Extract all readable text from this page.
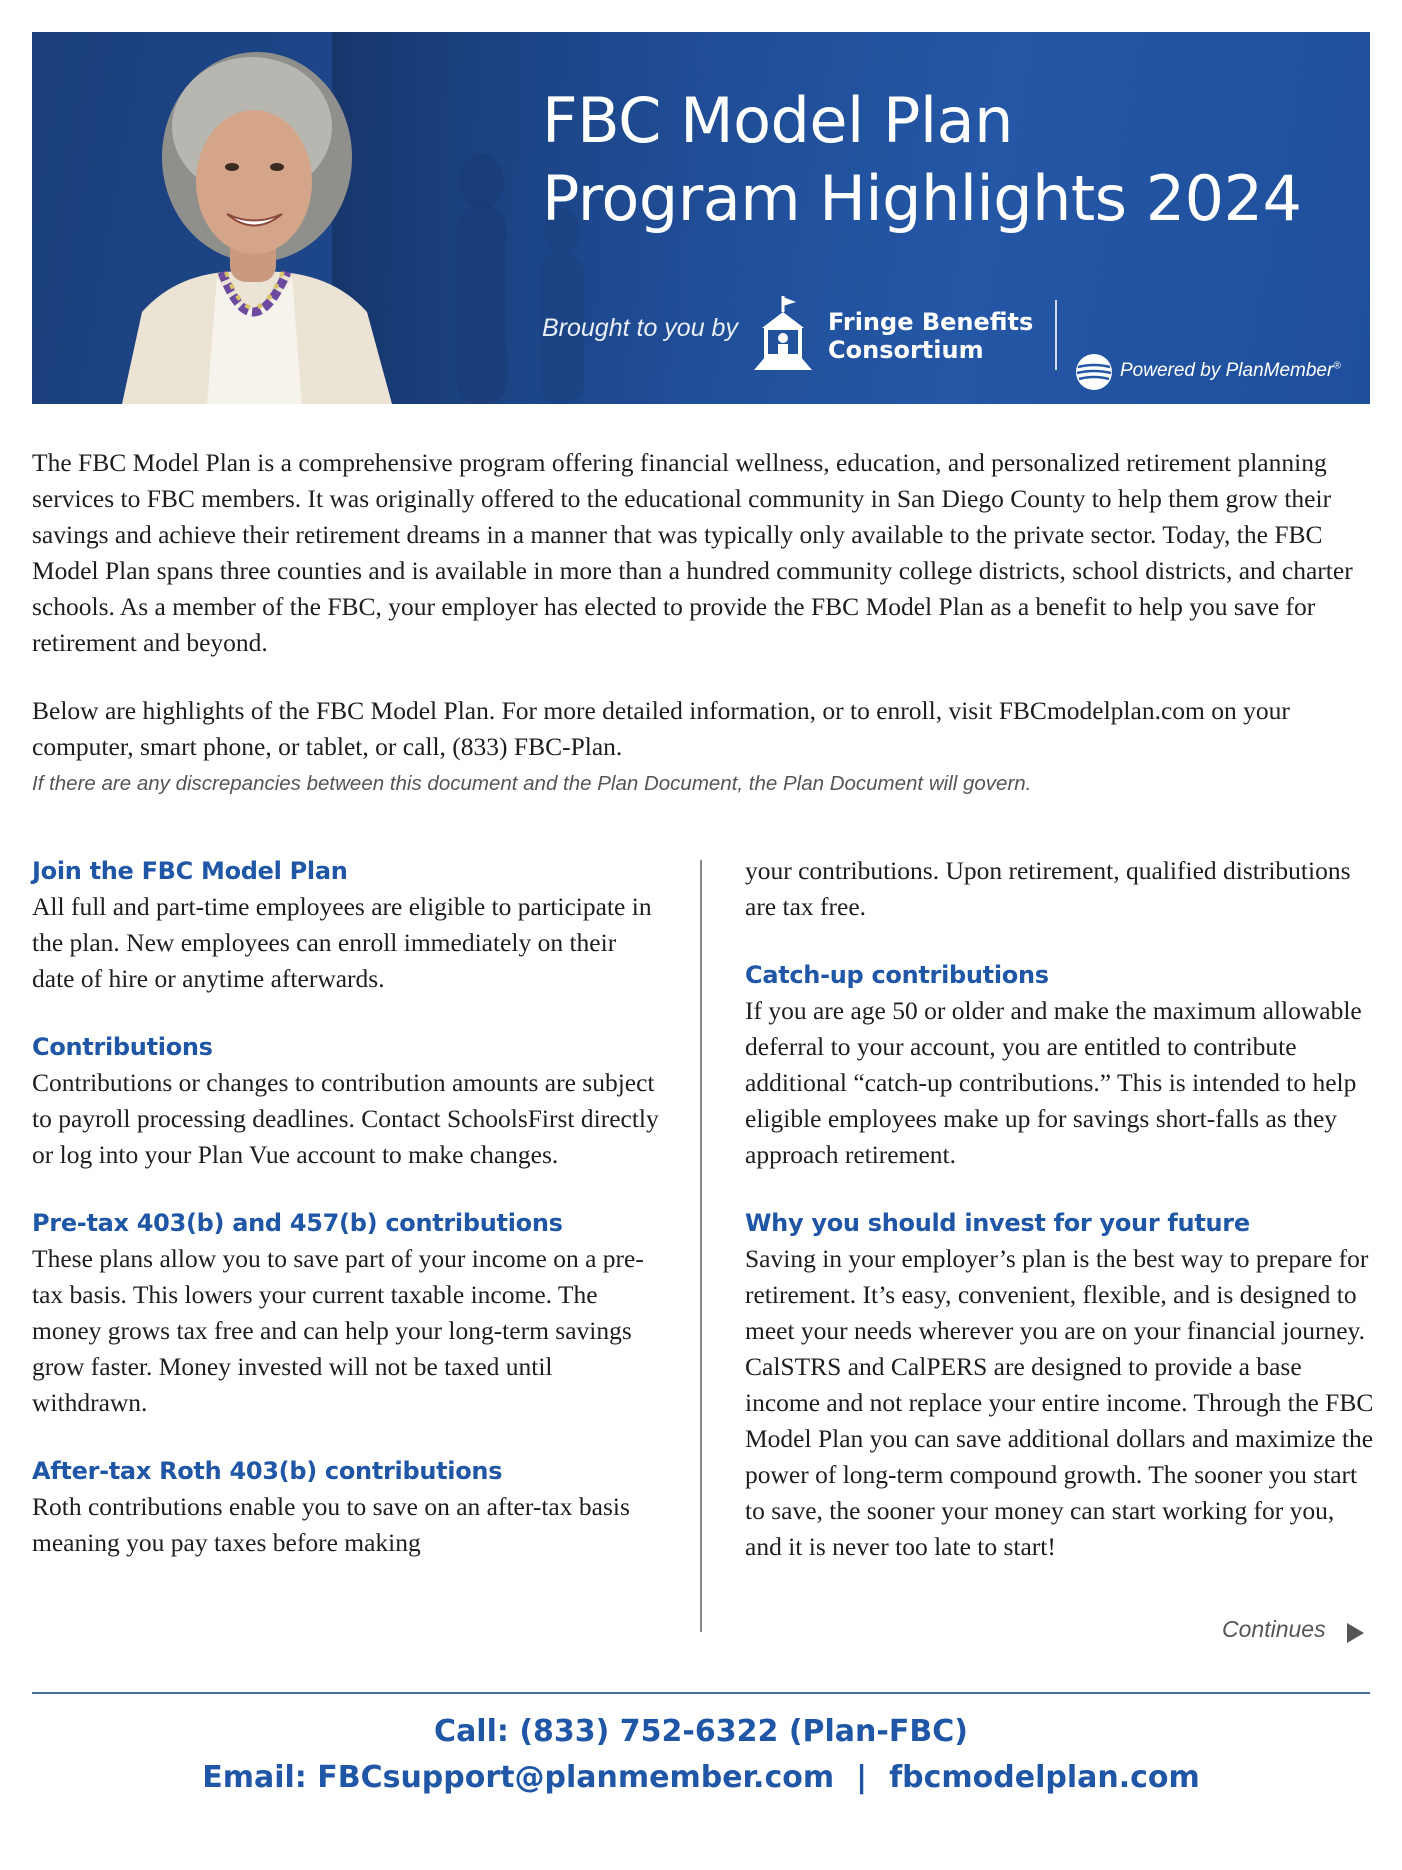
FBC Model Plan
Program Highlights 2024
Brought to you by	Fringe Benefits
Consortium
Powered by PlanMember®

The FBC Model Plan is a comprehensive program offering financial wellness, education, and personalized retirement planning services to FBC members. It was originally offered to the educational community in San Diego County to help them grow their savings and achieve their retirement dreams in a manner that was typically only available to the private sector. Today, the FBC Model Plan spans three counties and is available in more than a hundred community college districts, school districts, and charter schools. As a member of the FBC, your employer has elected to provide the FBC Model Plan as a benefit to help you save for retirement and beyond.

Below are highlights of the FBC Model Plan. For more detailed information, or to enroll, visit FBCmodelplan.com on your computer, smart phone, or tablet, or call, (833) FBC-Plan.

If there are any discrepancies between this document and the Plan Document, the Plan Document will govern.
Join the FBC Model Plan

All full and part-time employees are eligible to participate in the plan. New employees can enroll immediately on their date of hire or anytime afterwards.

Contributions

Contributions or changes to contribution amounts are subject to payroll processing deadlines. Contact SchoolsFirst directly or log into your Plan Vue account to make changes.

Pre-tax 403(b) and 457(b) contributions

These plans allow you to save part of your income on a pre-tax basis. This lowers your current taxable income. The money grows tax free and can help your long-term savings grow faster. Money invested will not be taxed until withdrawn.

After-tax Roth 403(b) contributions

Roth contributions enable you to save on an after-tax basis meaning you pay taxes before making

your contributions. Upon retirement, qualified distributions are tax free.

Catch-up contributions

If you are age 50 or older and make the maximum allowable deferral to your account, you are entitled to contribute additional “catch-up contributions.” This is intended to help eligible employees make up for savings short-falls as they approach retirement.

Why you should invest for your future

Saving in your employer’s plan is the best way to prepare for retirement. It’s easy, convenient, flexible, and is designed to meet your needs wherever you are on your financial journey. CalSTRS and CalPERS are designed to provide a base income and not replace your entire income. Through the FBC Model Plan you can save additional dollars and maximize the power of long-term compound growth. The sooner you start to save, the sooner your money can start working for you, and it is never too late to start!

Continues
Call: (833) 752-6322 (Plan-FBC)
Email: FBCsupport@planmember.com | fbcmodelplan.com
